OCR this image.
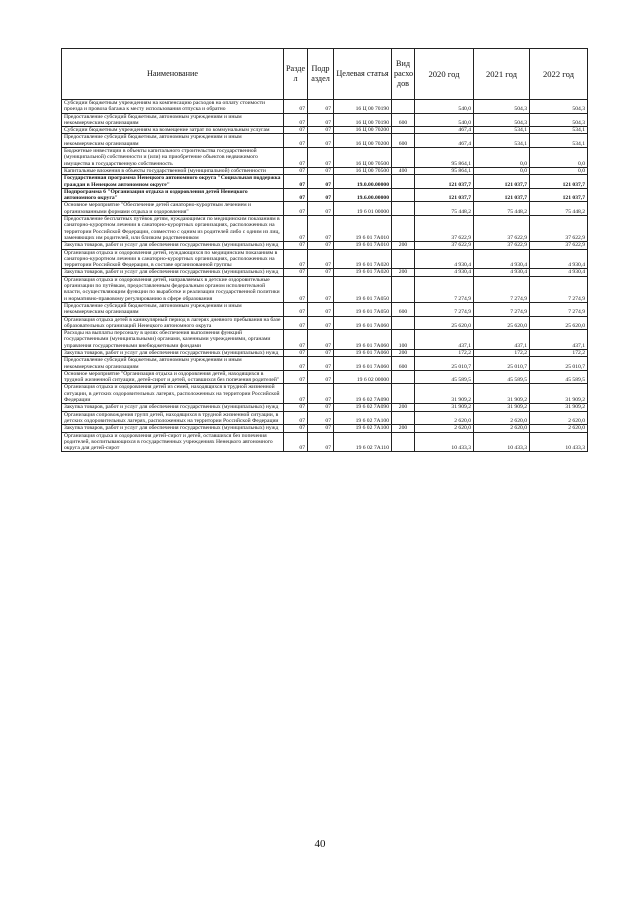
Наименование	Разде л	Подр аздел	Целевая статья	Вид расхо дов	2020 год	2021 год	2022 год
Субсидии бюджетным учреждениям на компенсацию расходов на оплату стоимости проезда и провоза багажа к месту использования отпуска и обратно	07	07	16 Ц 00 70190		540,0	504,3	504,3
Предоставление субсидий бюджетным, автономным учреждениям и иным некоммерческим организациям	07	07	16 Ц 00 70190	600	540,0	504,3	504,3
Субсидии бюджетным учреждениям на возмещение затрат по коммунальным услугам	07	07	16 Ц 00 70200		467,4	534,1	534,1
Предоставление субсидий бюджетным, автономным учреждениям и иным некоммерческим организациям	07	07	16 Ц 00 70200	600	467,4	534,1	534,1
Бюджетные инвестиции в объекты капитального строительства государственной (муниципальной) собственности и (или) на приобретение объектов недвижимого имущества в государственную собственность	07	07	16 Ц 00 70500		95 864,1	0,0	0,0
Капитальные вложения в объекты государственной (муниципальной) собственности	07	07	16 Ц 00 70500	400	95 864,1	0,0	0,0
Государственная программа Ненецкого автономного округа "Социальная поддержка граждан в Ненецком автономном округе"	07	07	19.0.00.00000		121 037,7	121 037,7	121 037,7
Подпрограмма 6 "Организация отдыха и оздоровления детей Ненецкого автономного округа"	07	07	19.6.00.00000		121 037,7	121 037,7	121 037,7
Основное мероприятие "Обеспечение детей санаторно-курортным лечением и организованными формами отдыха и оздоровления"	07	07	19 6 01 00000		75 448,2	75 448,2	75 448,2
Предоставление бесплатных путёвок детям, нуждающимся по медицинским показаниям в санаторно-курортном лечении в санаторно-курортных организациях, расположенных на территории Российской Федерации, совместно с одним из родителей либо с одним из лиц, заменяющих им родителей, или близким родственником	07	07	19 6 01 7А010		37 622,9	37 622,9	37 622,9
Закупка товаров, работ и услуг для обеспечения государственных (муниципальных) нужд	07	07	19 6 01 7А010	200	37 622,9	37 622,9	37 622,9
Организация отдыха и оздоровления детей, нуждающихся по медицинским показаниям в санаторно-курортном лечении в санаторно-курортных организациях, расположенных на территории Российской Федерации, в составе организованной группы	07	07	19 6 01 7А020		4 930,4	4 930,4	4 930,4
Закупка товаров, работ и услуг для обеспечения государственных (муниципальных) нужд	07	07	19 6 01 7А020	200	4 930,4	4 930,4	4 930,4
Организация отдыха и оздоровления детей, направляемых в детские оздоровительные организации по путёвкам, предоставленным федеральным органом исполнительной власти, осуществляющим функции по выработке и реализации государственной политики и нормативно-правовому регулированию в сфере образования	07	07	19 6 01 7А050		7 274,9	7 274,9	7 274,9
Предоставление субсидий бюджетным, автономным учреждениям и иным некоммерческим организациям	07	07	19 6 01 7А050	600	7 274,9	7 274,9	7 274,9
Организация отдыха детей в каникулярный период в лагерях дневного пребывания на базе образовательных организаций Ненецкого автономного округа	07	07	19 6 01 7А060		25 620,0	25 620,0	25 620,0
Расходы на выплаты персоналу в целях обеспечения выполнения функций государственными (муниципальными) органами, казенными учреждениями, органами управления государственными внебюджетными фондами	07	07	19 6 01 7А060	100	437,1	437,1	437,1
Закупка товаров, работ и услуг для обеспечения государственных (муниципальных) нужд	07	07	19 6 01 7А060	200	172,2	172,2	172,2
Предоставление субсидий бюджетным, автономным учреждениям и иным некоммерческим организациям	07	07	19 6 01 7А060	600	25 010,7	25 010,7	25 010,7
Основное мероприятие "Организация отдыха и оздоровления детей, находящихся в трудной жизненной ситуации, детей-сирот и детей, оставшихся без попечения родителей"	07	07	19 6 02 00000		45 589,5	45 589,5	45 589,5
Организация отдыха и оздоровления детей из семей, находящихся в трудной жизненной ситуации, в детских оздоровительных лагерях, расположенных на территории Российской Федерации	07	07	19 6 02 7А090		31 909,2	31 909,2	31 909,2
Закупка товаров, работ и услуг для обеспечения государственных (муниципальных) нужд	07	07	19 6 02 7А090	200	31 909,2	31 909,2	31 909,2
Организация сопровождения групп детей, находящихся в трудной жизненной ситуации, в детских оздоровительных лагерях, расположенных на территории Российской Федерации	07	07	19 6 02 7А100		2 620,0	2 620,0	2 620,0
Закупка товаров, работ и услуг для обеспечения государственных (муниципальных) нужд	07	07	19 6 02 7А100	200	2 620,0	2 620,0	2 620,0
Организация отдыха и оздоровления детей-сирот и детей, оставшихся без попечения родителей, воспитывающихся в государственных учреждениях Ненецкого автономного округа для детей-сирот	07	07	19 6 02 7А110		10 433,3	10 433,3	10 433,3
40
